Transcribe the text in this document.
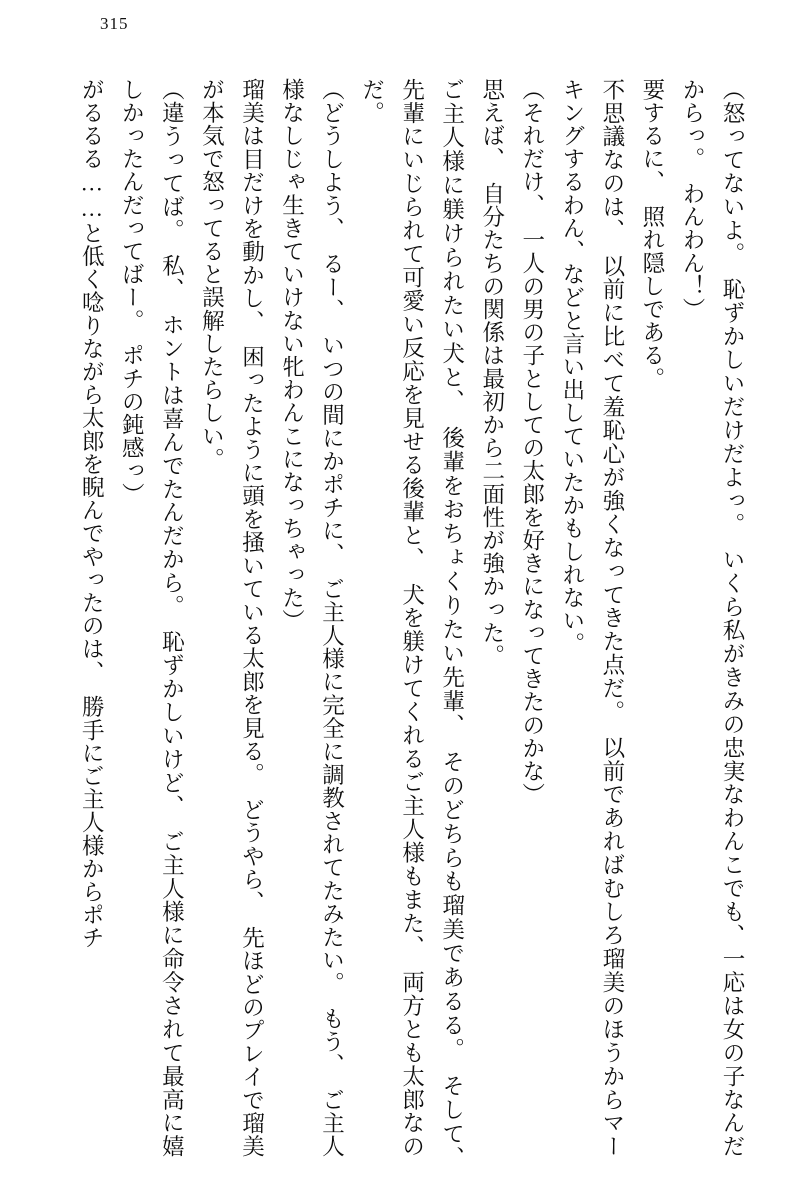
315

（怒ってないよ。　恥ずかしいだけだよっ。　いくら私がきみの忠実なわんこでも、一応は女の子なんだからっ。　わんわん！）

要するに、　照れ隠しである。

不思議なのは、　以前に比べて羞恥心が強くなってきた点だ。　以前であればむしろ瑠美のほうからマーキングするわん、などと言い出していたかもしれない。

（それだけ、　一人の男の子としての太郎を好きになってきたのかな）

思えば、　自分たちの関係は最初から二面性が強かった。

ご主人様に躾けられたい犬と、　後輩をおちょくりたい先輩、　そのどちらも瑠美であるる。　そして、　先輩にいじられて可愛い反応を見せる後輩と、　犬を躾けてくれるご主人様もまた、　両方とも太郎なのだ。

（どうしよう、　るー、　いつの間にかポチに、　ご主人様に完全に調教されてたみたい。　もう、　ご主人様なしじゃ生きていけない牝わんこになっちゃった）

瑠美は目だけを動かし、　困ったように頭を掻いている太郎を見る。　どうやら、　先ほどのプレイで瑠美が本気で怒ってると誤解したらしい。

（違うってば。　私、　ホントは喜んでたんだから。　恥ずかしいけど、　ご主人様に命令されて最高に嬉しかったんだってばー。　ポチの鈍感っ）

がるるる……と低く唸りながら太郎を睨んでやったのは、　勝手にご主人様からポチ
